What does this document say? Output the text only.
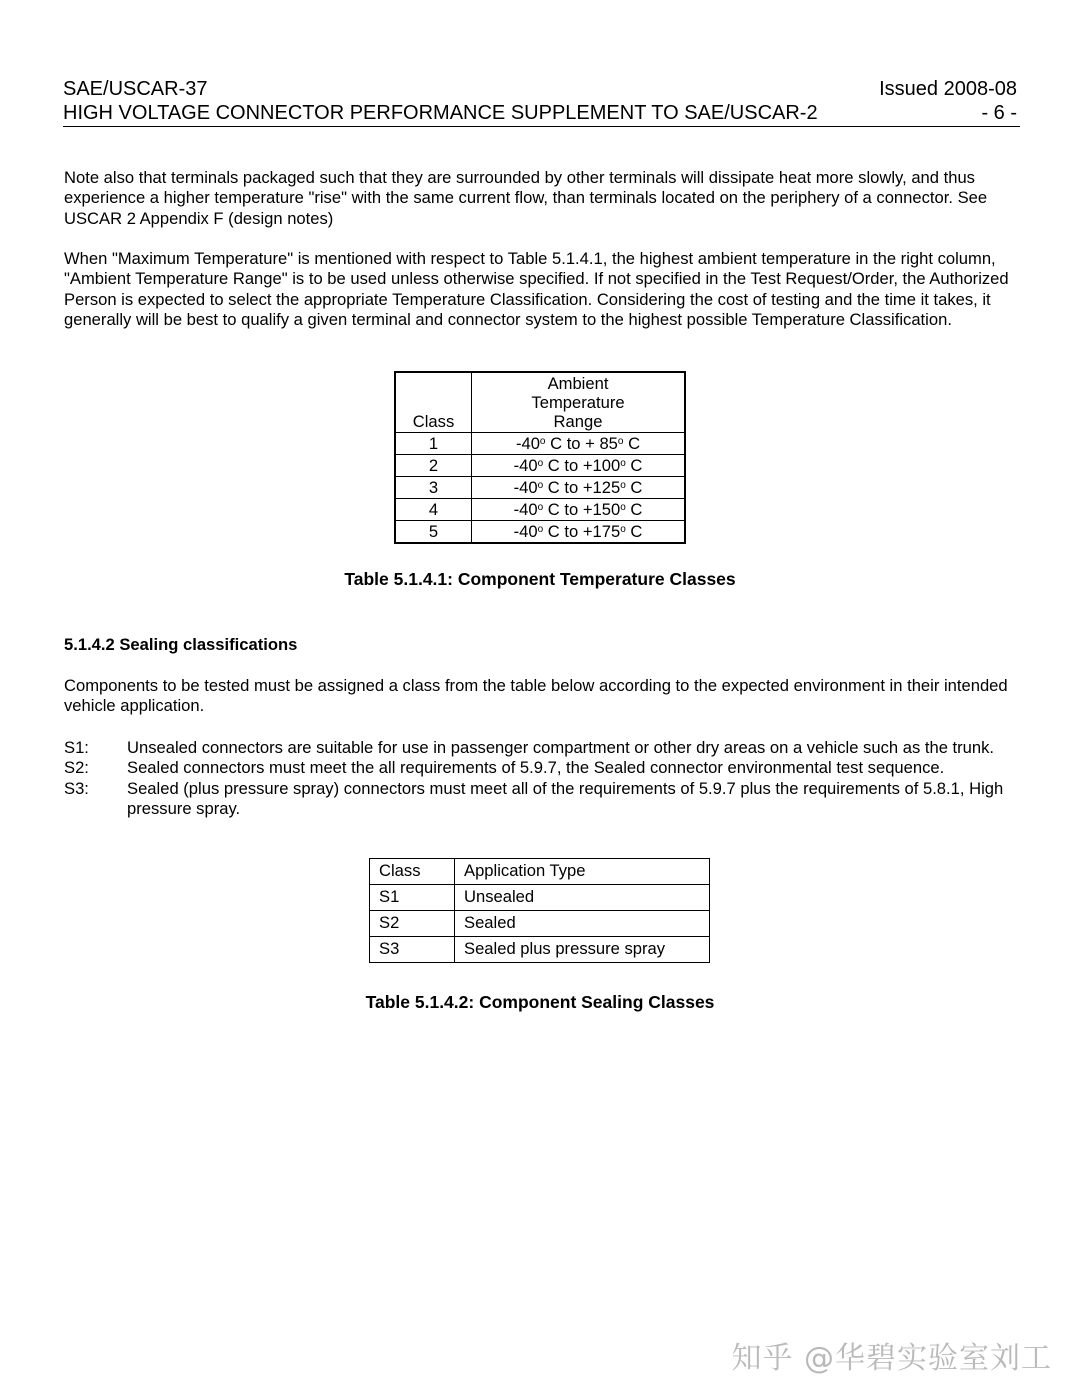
SAE/USCAR-37	Issued 2008-08
HIGH VOLTAGE CONNECTOR PERFORMANCE SUPPLEMENT TO SAE/USCAR-2	- 6 -
Note also that terminals packaged such that they are surrounded by other terminals will dissipate heat more slowly, and thus experience a higher temperature "rise" with the same current flow, than terminals located on the periphery of a connector. See USCAR 2 Appendix F (design notes)
When "Maximum Temperature" is mentioned with respect to Table 5.1.4.1, the highest ambient temperature in the right column, "Ambient Temperature Range" is to be used unless otherwise specified. If not specified in the Test Request/Order, the Authorized Person is expected to select the appropriate Temperature Classification. Considering the cost of testing and the time it takes, it generally will be best to qualify a given terminal and connector system to the highest possible Temperature Classification.
Class	Ambient
Temperature
Range

1	-40$^o$ C to + $85^o$ C
2	-40$^o$ C to $+100^o$ C
3	-40$^o$ C to $+125^o$ C
4	-40$^o$ C to $+150^o$ C
5	-40$^o$ C to $+175^o$ C
Table 5.1.4.1: Component Temperature Classes
5.1.4.2 Sealing classifications
Components to be tested must be assigned a class from the table below according to the expected environment in their intended vehicle application.
S1: Unsealed connectors are suitable for use in passenger compartment or other dry areas on a vehicle such as the trunk.
S2: Sealed connectors must meet the all requirements of 5.9.7, the Sealed connector environmental test sequence.
S3: Sealed (plus pressure spray) connectors must meet all of the requirements of 5.9.7 plus the requirements of 5.8.1, High pressure spray.
Class	Application Type
S1	Unsealed
S2	Sealed
S3	Sealed plus pressure spray
Table 5.1.4.2: Component Sealing Classes
知乎 @华碧实验室刘工
